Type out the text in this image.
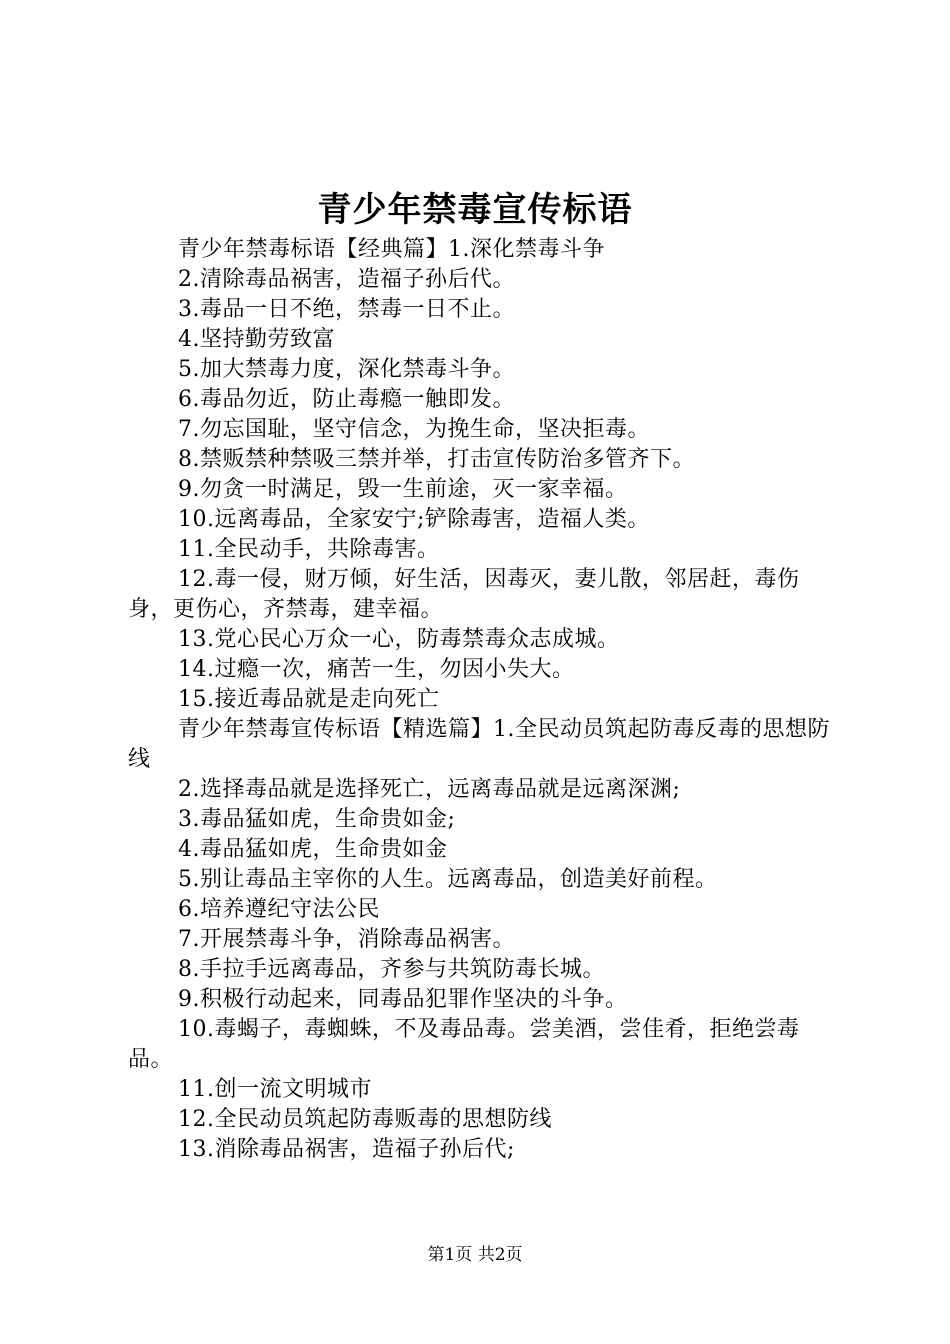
青少年禁毒宣传标语

青少年禁毒标语【经典篇】1.深化禁毒斗争

2.清除毒品祸害，造福子孙后代。

3.毒品一日不绝，禁毒一日不止。

4.坚持勤劳致富

5.加大禁毒力度，深化禁毒斗争。

6.毒品勿近，防止毒瘾一触即发。

7.勿忘国耻，坚守信念，为挽生命，坚决拒毒。

8.禁贩禁种禁吸三禁并举，打击宣传防治多管齐下。

9.勿贪一时满足，毁一生前途，灭一家幸福。

10.远离毒品，全家安宁;铲除毒害，造福人类。

11.全民动手，共除毒害。

12.毒一侵，财万倾，好生活，因毒灭，妻儿散，邻居赶，毒伤身，更伤心，齐禁毒，建幸福。

13.党心民心万众一心，防毒禁毒众志成城。

14.过瘾一次，痛苦一生，勿因小失大。

15.接近毒品就是走向死亡

青少年禁毒宣传标语【精选篇】1.全民动员筑起防毒反毒的思想防线

2.选择毒品就是选择死亡，远离毒品就是远离深渊;

3.毒品猛如虎，生命贵如金;

4.毒品猛如虎，生命贵如金

5.别让毒品主宰你的人生。远离毒品，创造美好前程。

6.培养遵纪守法公民

7.开展禁毒斗争，消除毒品祸害。

8.手拉手远离毒品，齐参与共筑防毒长城。

9.积极行动起来，同毒品犯罪作坚决的斗争。

10.毒蝎子，毒蜘蛛，不及毒品毒。尝美酒，尝佳肴，拒绝尝毒品。

11.创一流文明城市

12.全民动员筑起防毒贩毒的思想防线

13.消除毒品祸害，造福子孙后代;

第1页 共2页
